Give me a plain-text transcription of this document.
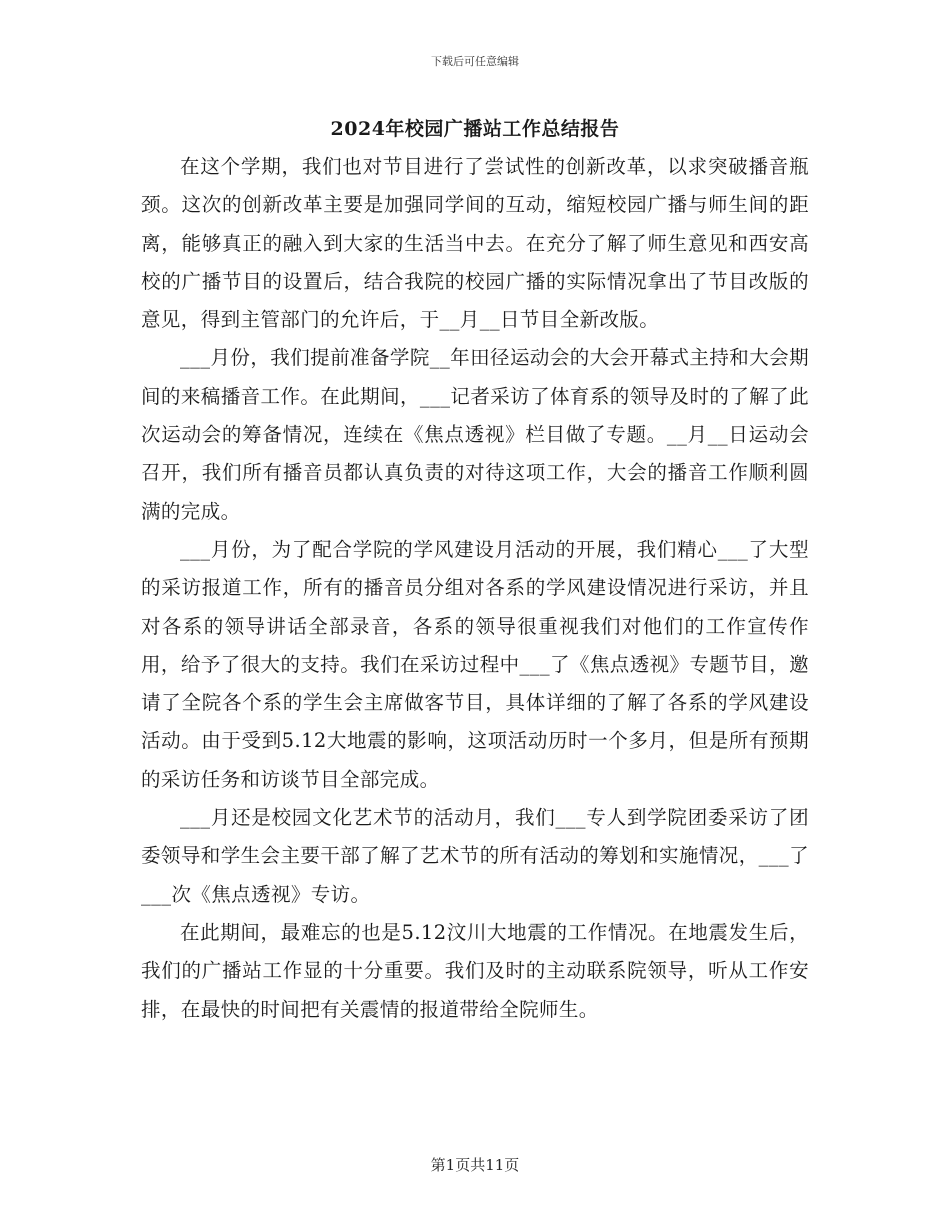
下载后可任意编辑
2024年校园广播站工作总结报告

在这个学期，我们也对节目进行了尝试性的创新改革，以求突破播音瓶颈。这次的创新改革主要是加强同学间的互动，缩短校园广播与师生间的距离，能够真正的融入到大家的生活当中去。在充分了解了师生意见和西安高校的广播节目的设置后，结合我院的校园广播的实际情况拿出了节目改版的意见，得到主管部门的允许后，于__月__日节目全新改版。

___月份，我们提前准备学院__年田径运动会的大会开幕式主持和大会期间的来稿播音工作。在此期间，___记者采访了体育系的领导及时的了解了此次运动会的筹备情况，连续在《焦点透视》栏目做了专题。__月__日运动会召开，我们所有播音员都认真负责的对待这项工作，大会的播音工作顺利圆满的完成。

___月份，为了配合学院的学风建设月活动的开展，我们精心___了大型的采访报道工作，所有的播音员分组对各系的学风建设情况进行采访，并且对各系的领导讲话全部录音，各系的领导很重视我们对他们的工作宣传作用，给予了很大的支持。我们在采访过程中___了《焦点透视》专题节目，邀请了全院各个系的学生会主席做客节目，具体详细的了解了各系的学风建设活动。由于受到5.12大地震的影响，这项活动历时一个多月，但是所有预期的采访任务和访谈节目全部完成。

___月还是校园文化艺术节的活动月，我们___专人到学院团委采访了团委领导和学生会主要干部了解了艺术节的所有活动的筹划和实施情况，___了___次《焦点透视》专访。

在此期间，最难忘的也是5.12汶川大地震的工作情况。在地震发生后，我们的广播站工作显的十分重要。我们及时的主动联系院领导，听从工作安排，在最快的时间把有关震情的报道带给全院师生。

第1页共11页
